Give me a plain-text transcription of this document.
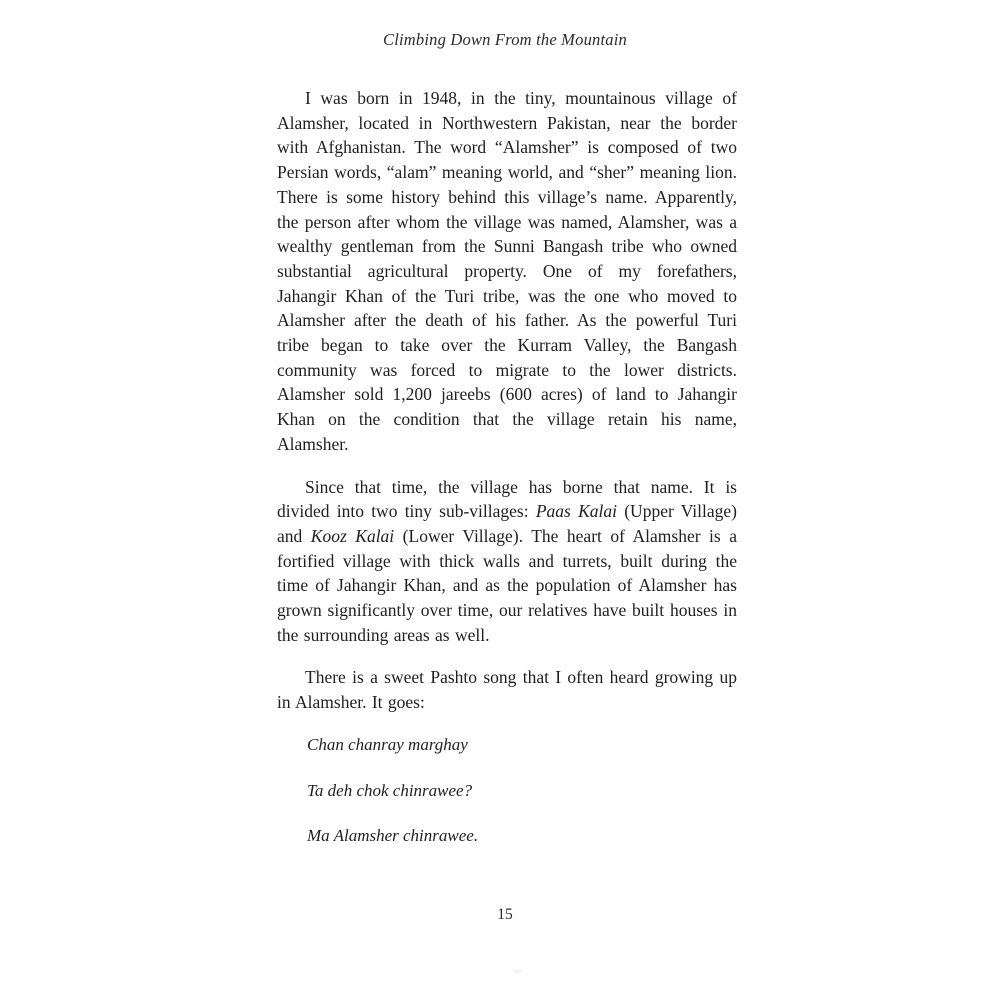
Climbing Down From the Mountain

I was born in 1948, in the tiny, mountainous village of Alamsher, located in Northwestern Pakistan, near the border with Afghanistan. The word “Alamsher” is composed of two Persian words, “alam” meaning world, and “sher” meaning lion. There is some history behind this village’s name. Apparently, the person after whom the village was named, Alamsher, was a wealthy gentleman from the Sunni Bangash tribe who owned substantial agricultural property. One of my forefathers, Jahangir Khan of the Turi tribe, was the one who moved to Alamsher after the death of his father. As the powerful Turi tribe began to take over the Kurram Valley, the Bangash community was forced to migrate to the lower districts. Alamsher sold 1,200 jareebs (600 acres) of land to Jahangir Khan on the condition that the village retain his name, Alamsher.

Since that time, the village has borne that name. It is divided into two tiny sub-villages: Paas Kalai (Upper Village) and Kooz Kalai (Lower Village). The heart of Alamsher is a fortified village with thick walls and turrets, built during the time of Jahangir Khan, and as the population of Alamsher has grown significantly over time, our relatives have built houses in the surrounding areas as well.

There is a sweet Pashto song that I often heard growing up in Alamsher. It goes:

Chan chanray marghay

Ta deh chok chinrawee?

Ma Alamsher chinrawee.

15
